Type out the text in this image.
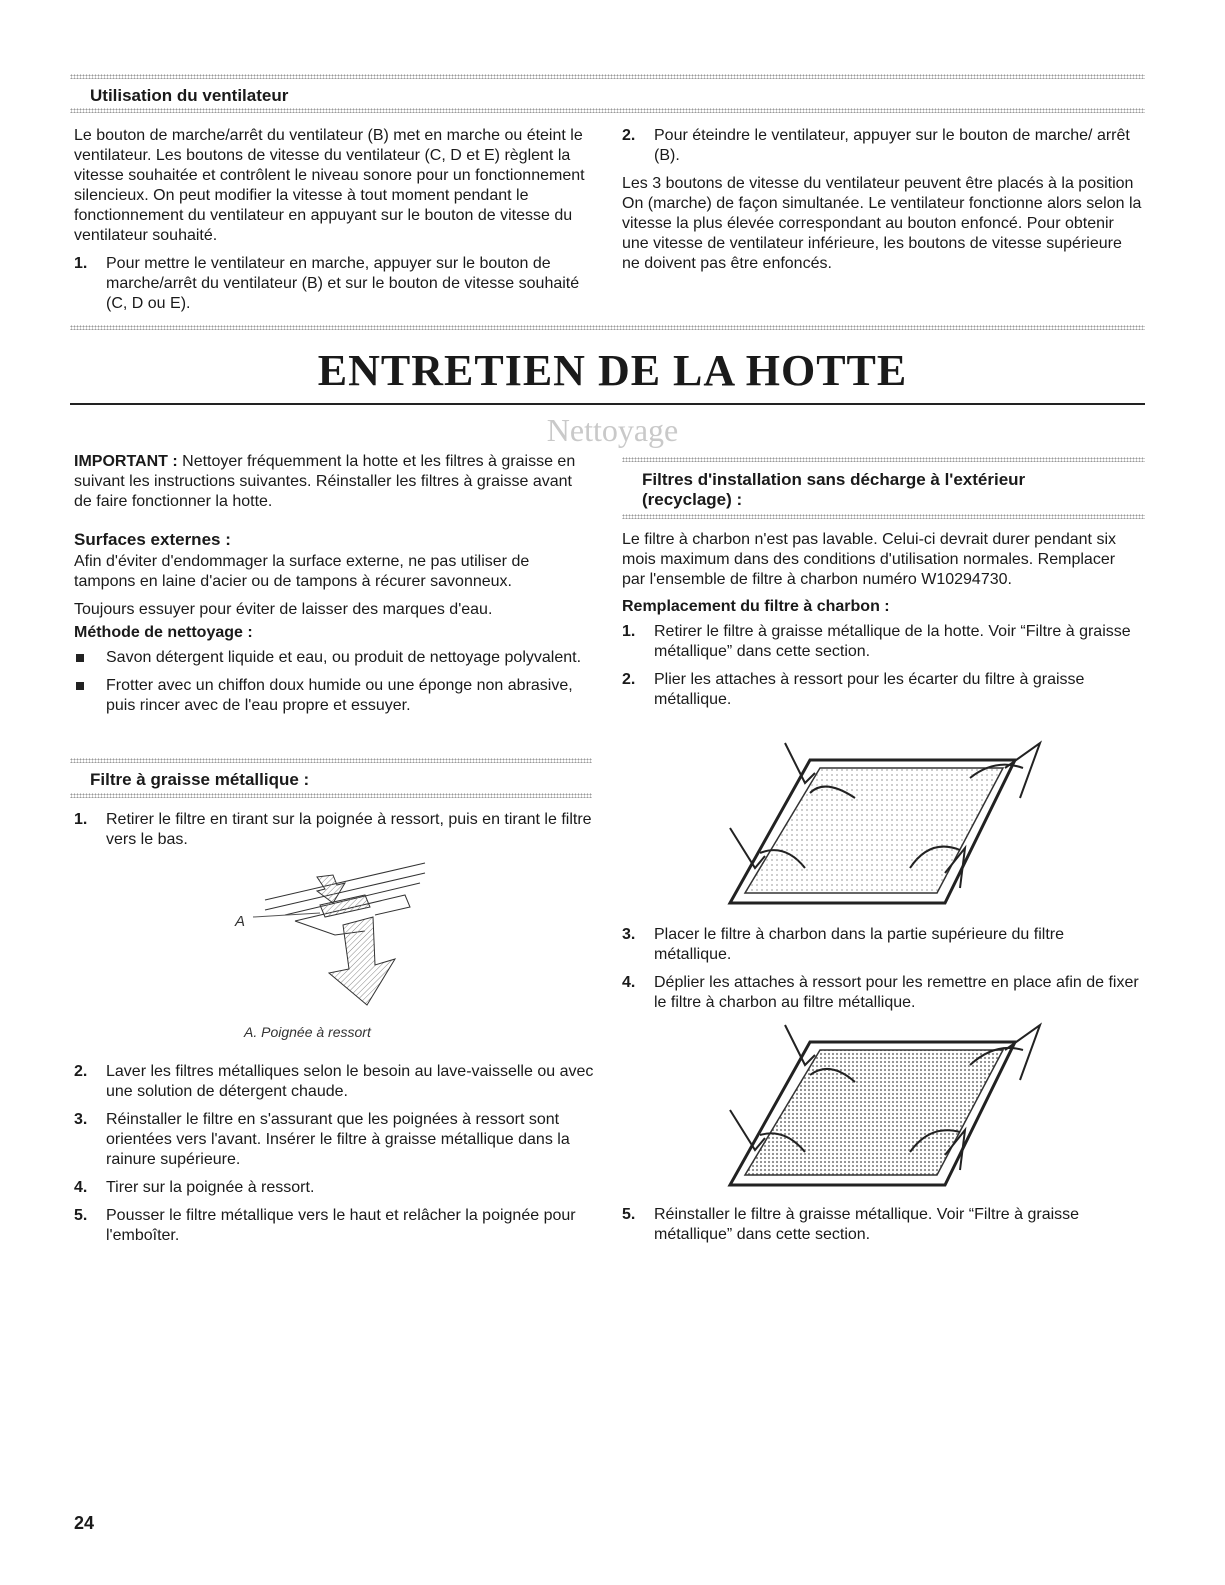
Utilisation du ventilateur

Le bouton de marche/arrêt du ventilateur (B) met en marche ou éteint le ventilateur. Les boutons de vitesse du ventilateur (C, D et E) règlent la vitesse souhaitée et contrôlent le niveau sonore pour un fonctionnement silencieux. On peut modifier la vitesse à tout moment pendant le fonctionnement du ventilateur en appuyant sur le bouton de vitesse du ventilateur souhaité.

1. Pour mettre le ventilateur en marche, appuyer sur le bouton de marche/arrêt du ventilateur (B) et sur le bouton de vitesse souhaité (C, D ou E).
2. Pour éteindre le ventilateur, appuyer sur le bouton de marche/ arrêt (B).

Les 3 boutons de vitesse du ventilateur peuvent être placés à la position On (marche) de façon simultanée. Le ventilateur fonctionne alors selon la vitesse la plus élevée correspondant au bouton enfoncé. Pour obtenir une vitesse de ventilateur inférieure, les boutons de vitesse supérieure ne doivent pas être enfoncés.

ENTRETIEN DE LA HOTTE
Nettoyage

IMPORTANT : Nettoyer fréquemment la hotte et les filtres à graisse en suivant les instructions suivantes. Réinstaller les filtres à graisse avant de faire fonctionner la hotte.

Surfaces externes :

Afin d'éviter d'endommager la surface externe, ne pas utiliser de tampons en laine d'acier ou de tampons à récurer savonneux.

Toujours essuyer pour éviter de laisser des marques d'eau.

Méthode de nettoyage :
Savon détergent liquide et eau, ou produit de nettoyage polyvalent.
Frotter avec un chiffon doux humide ou une éponge non abrasive, puis rincer avec de l'eau propre et essuyer.
Filtre à graisse métallique :
1. Retirer le filtre en tirant sur la poignée à ressort, puis en tirant le filtre vers le bas.
A
A. Poignée à ressort
2. Laver les filtres métalliques selon le besoin au lave-vaisselle ou avec une solution de détergent chaude.
3. Réinstaller le filtre en s'assurant que les poignées à ressort sont orientées vers l'avant. Insérer le filtre à graisse métallique dans la rainure supérieure.
4. Tirer sur la poignée à ressort.
5. Pousser le filtre métallique vers le haut et relâcher la poignée pour l'emboîter.
Filtres d'installation sans décharge à l'extérieur (recyclage) :

Le filtre à charbon n'est pas lavable. Celui-ci devrait durer pendant six mois maximum dans des conditions d'utilisation normales. Remplacer par l'ensemble de filtre à charbon numéro W10294730.

Remplacement du filtre à charbon :
1. Retirer le filtre à graisse métallique de la hotte. Voir “Filtre à graisse métallique” dans cette section.
2. Plier les attaches à ressort pour les écarter du filtre à graisse métallique.
3. Placer le filtre à charbon dans la partie supérieure du filtre métallique.
4. Déplier les attaches à ressort pour les remettre en place afin de fixer le filtre à charbon au filtre métallique.
5. Réinstaller le filtre à graisse métallique. Voir “Filtre à graisse métallique” dans cette section.
24
